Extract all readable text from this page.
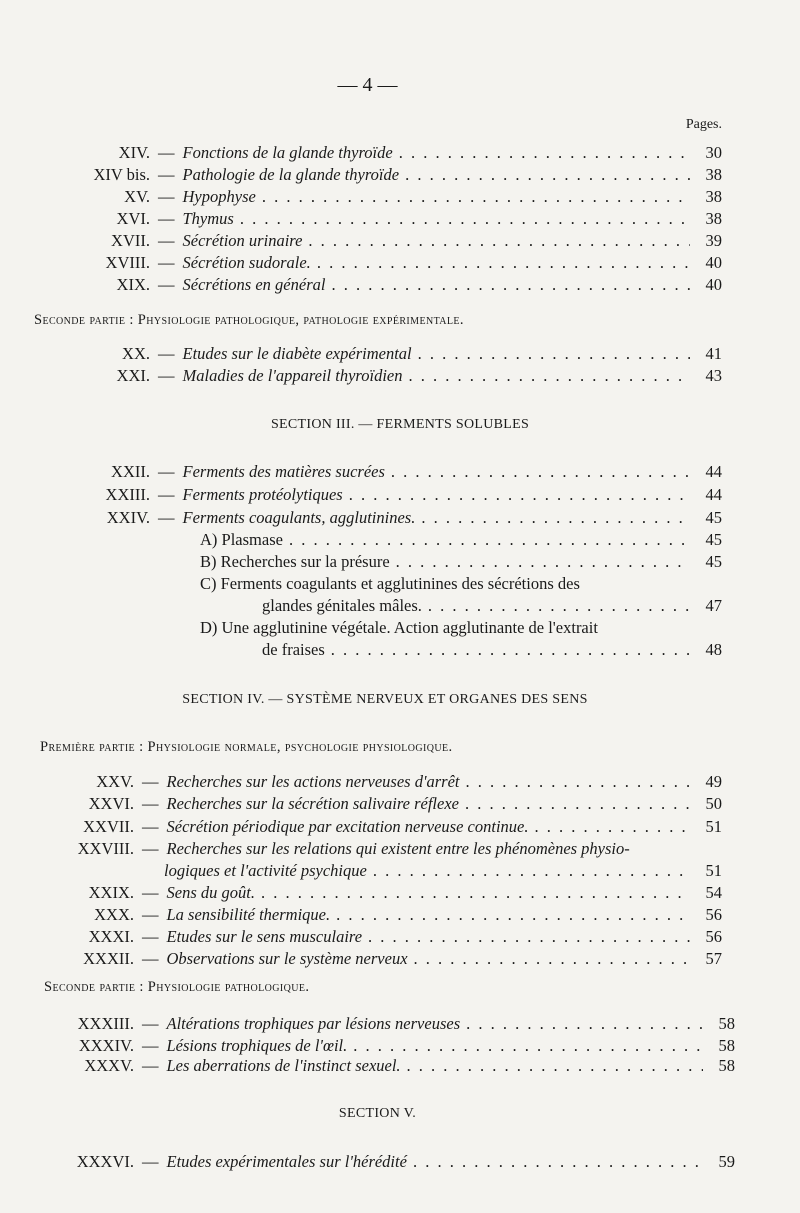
— 4 —
Pages.
XIV. — Fonctions de la glande thyroïde . . .	30
XIV bis. — Pathologie de la glande thyroïde . . .	38
XV. — Hypophyse . . .	38
XVI. — Thymus . . .	38
XVII. — Sécrétion urinaire . . .	39
XVIII. — Sécrétion sudorale. . . .	40
XIX. — Sécrétions en général . . .	40
Seconde partie : Physiologie pathologique, pathologie expérimentale.
XX. — Etudes sur le diabète expérimental . . .	41
XXI. — Maladies de l'appareil thyroïdien . . .	43
SECTION III. — FERMENTS SOLUBLES
XXII. — Ferments des matières sucrées . . .	44
XXIII. — Ferments protéolytiques . . .	44
XXIV. — Ferments coagulants, agglutinines. . . .	45
A) Plasmase . . .	45
B) Recherches sur la présure . . .	45
C) Ferments coagulants et agglutinines des sécrétions des
glandes génitales mâles. . . .	47
D) Une agglutinine végétale. Action agglutinante de l'extrait
de fraises . . .	48
SECTION IV. — SYSTÈME NERVEUX ET ORGANES DES SENS
Première partie : Physiologie normale, psychologie physiologique.
XXV. — Recherches sur les actions nerveuses d'arrêt . . .	49
XXVI. — Recherches sur la sécrétion salivaire réflexe . . .	50
XXVII. — Sécrétion périodique par excitation nerveuse continue. . . .	51
XXVIII. — Recherches sur les relations qui existent entre les phénomènes physio-
logiques et l'activité psychique . . .	51
XXIX. — Sens du goût. . . .	54
XXX. — La sensibilité thermique. . . .	56
XXXI. — Etudes sur le sens musculaire . . .	56
XXXII. — Observations sur le système nerveux . . .	57
Seconde partie : Physiologie pathologique.
XXXIII. — Altérations trophiques par lésions nerveuses . . .	58
XXXIV. — Lésions trophiques de l'œil. . . .	58
XXXV. — Les aberrations de l'instinct sexuel. . . .	58
SECTION V.
XXXVI. — Etudes expérimentales sur l'hérédité . . .	59
